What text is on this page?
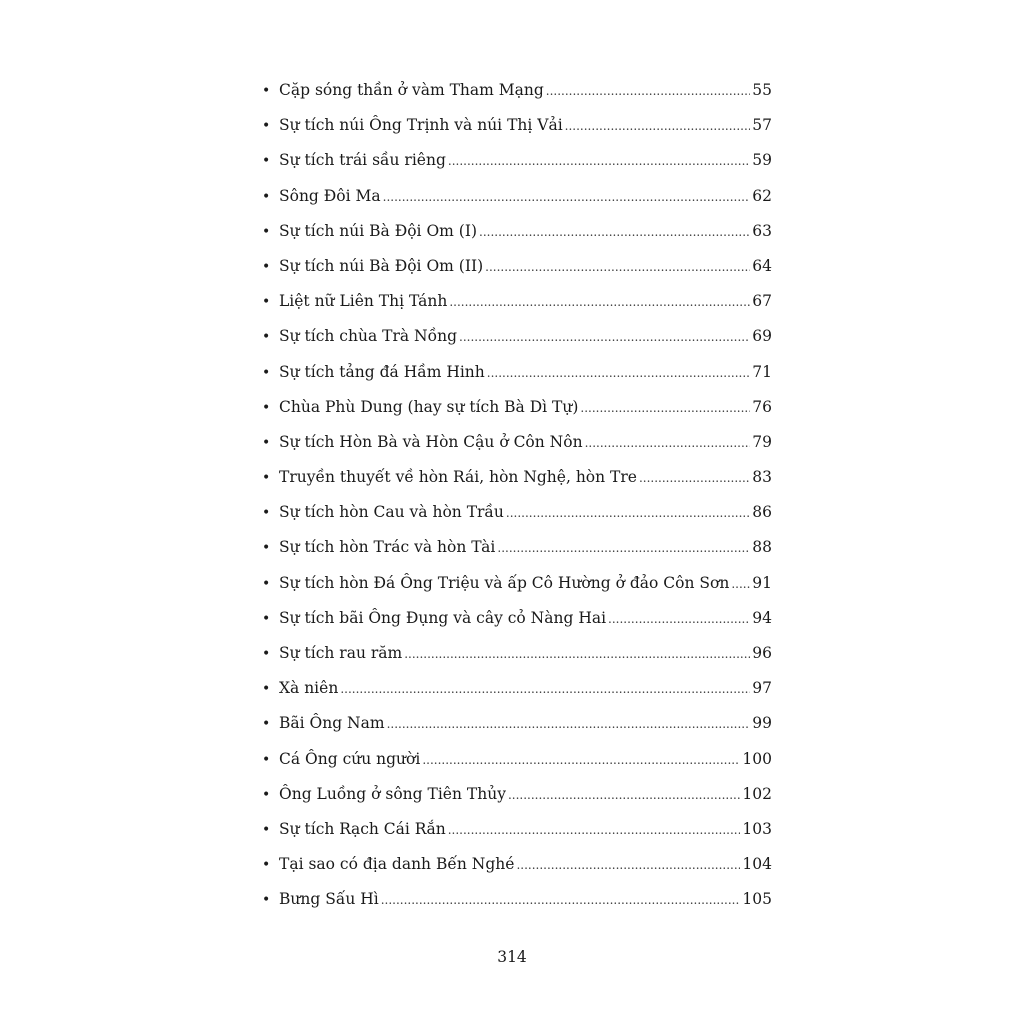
• Cặp sóng thần ở vàm Tham Mạng .....	55
• Sự tích núi Ông Trịnh và núi Thị Vải .....	57
• Sự tích trái sầu riêng .....	59
• Sông Đôi Ma .....	62
• Sự tích núi Bà Đội Om (I) .....	63
• Sự tích núi Bà Đội Om (II) .....	64
• Liệt nữ Liên Thị Tánh .....	67
• Sự tích chùa Trà Nồng .....	69
• Sự tích tảng đá Hầm Hinh .....	71
• Chùa Phù Dung (hay sự tích Bà Dì Tự) .....	76
• Sự tích Hòn Bà và Hòn Cậu ở Côn Nôn .....	79
• Truyền thuyết về hòn Rái, hòn Nghệ, hòn Tre .....	83
• Sự tích hòn Cau và hòn Trầu .....	86
• Sự tích hòn Trác và hòn Tài .....	88
• Sự tích hòn Đá Ông Triệu và ấp Cô Hường ở đảo Côn Sơn ..... 91
• Sự tích bãi Ông Đụng và cây cỏ Nàng Hai .....	94
• Sự tích rau răm .....	96
• Xà niên .....	97
• Bãi Ông Nam .....	99
• Cá Ông cứu người .....	100
• Ông Luồng ở sông Tiên Thủy .....	102
• Sự tích Rạch Cái Rắn .....	103
• Tại sao có địa danh Bến Nghé .....	104
• Bưng Sấu Hì .....	105
314
